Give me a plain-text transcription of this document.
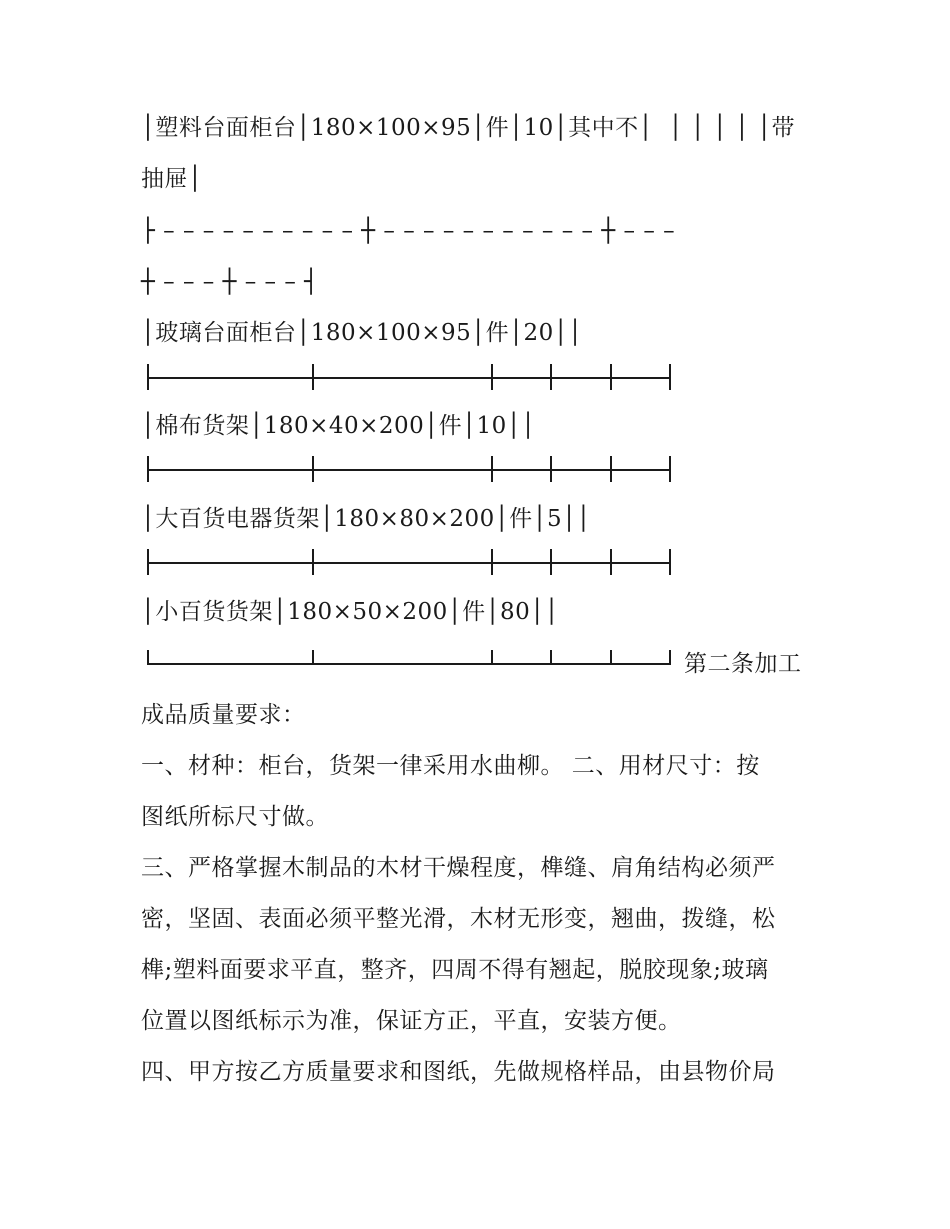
│塑料台面柜台│180×100×95│件│10│其中不│  │ │ │ │ │带
抽屉│
├ – – – – – – – – – – ┼ – – – – – – – – – – – ┼ – – –
┼ – – – ┼ – – – ┤
│玻璃台面柜台│180×100×95│件│20││
│棉布货架│180×40×200│件│10││
│大百货电器货架│180×80×200│件│5││
│小百货货架│180×50×200│件│80││
第二条加工
成品质量要求：
一、材种：柜台，货架一律采用水曲柳。 二、用材尺寸：按
图纸所标尺寸做。
三、严格掌握木制品的木材干燥程度，榫缝、肩角结构必须严
密，坚固、表面必须平整光滑，木材无形变，翘曲，拨缝，松
榫;塑料面要求平直，整齐，四周不得有翘起，脱胶现象;玻璃
位置以图纸标示为准，保证方正，平直，安装方便。
四、甲方按乙方质量要求和图纸，先做规格样品，由县物价局
